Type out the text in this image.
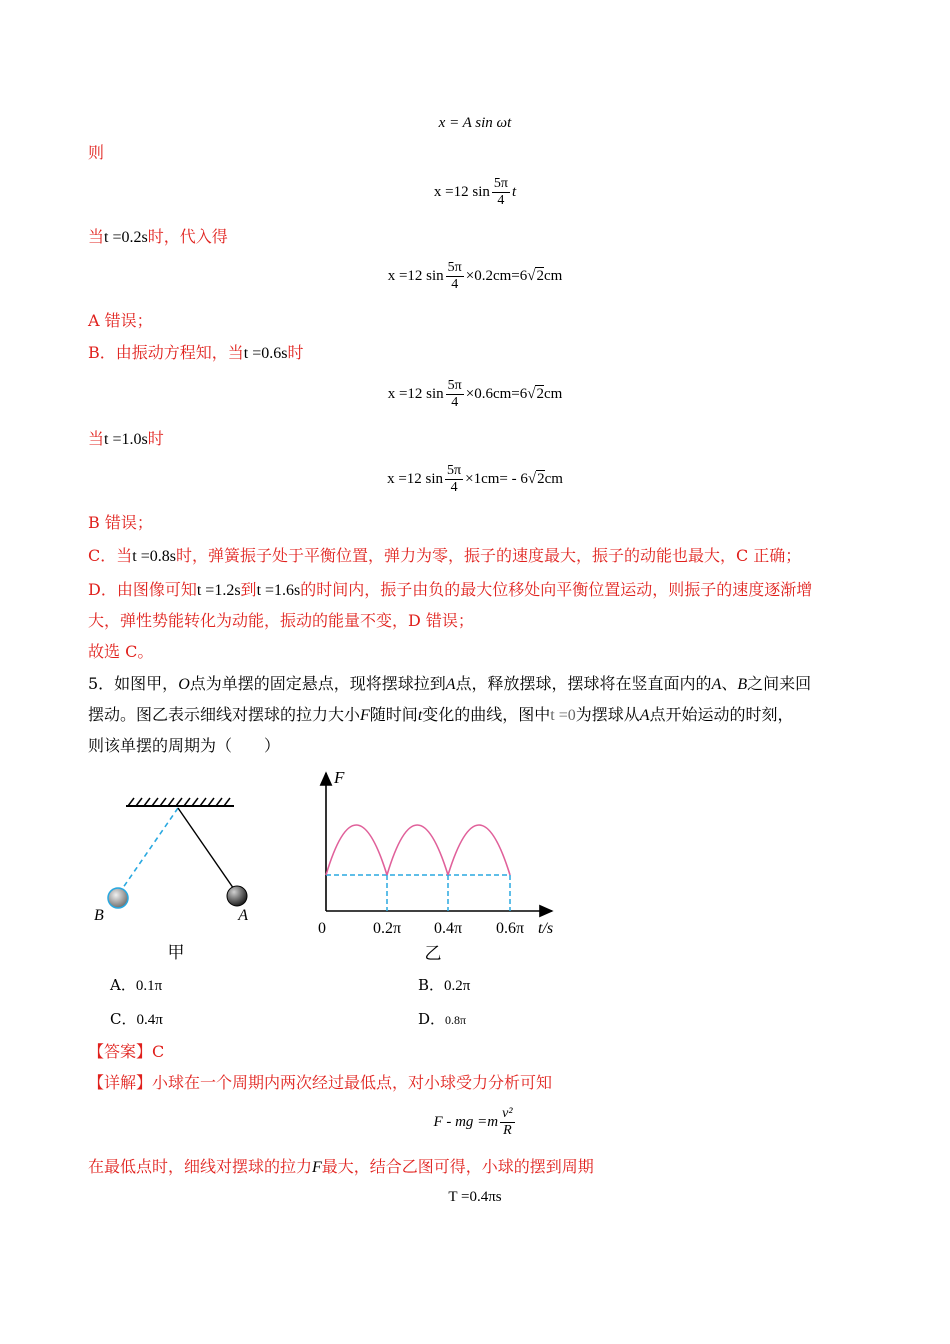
x = A sin ωt
则
x =12 $\sin \frac{5\pi}{4}$ t
当t =0.2s时，代入得
x =12 $\sin \frac{5\pi}{4} \times 0.2cm=6√2cm$
A 错误；
B．由振动方程知，当t =0.6s时
x =12 $\sin \frac{5\pi}{4} \times 0.6cm=6√2cm$
当t =1.0s时
x =12 $\sin \frac{5\pi}{4} \times 1cm= - 6√2cm$
B 错误；
C．当t =0.8s时，弹簧振子处于平衡位置，弹力为零，振子的速度最大，振子的动能也最大，C 正确；
D．由图像可知t =1.2s到t =1.6s的时间内，振子由负的最大位移处向平衡位置运动，则振子的速度逐渐增
大，弹性势能转化为动能，振动的能量不变，D 错误；
故选 C。
5．如图甲，O点为单摆的固定悬点，现将摆球拉到A点，释放摆球，摆球将在竖直面内的A、B之间来回
摆动。图乙表示细线对摆球的拉力大小F随时间t变化的曲线，图中t =0为摆球从A点开始运动的时刻，
则该单摆的周期为（　　）
B	A
甲
F
0	0.2π 0.4π 0.6π t/s
乙
A．0.1π	B．0.2π
C．0.4π	D．0.8π
【答案】C
【详解】小球在一个周期内两次经过最低点，对小球受力分析可知
F - mg $=m \frac{\text{v²}}{R}$
在最低点时，细线对摆球的拉力F最大，结合乙图可得，小球的摆到周期
T =0.4πs
